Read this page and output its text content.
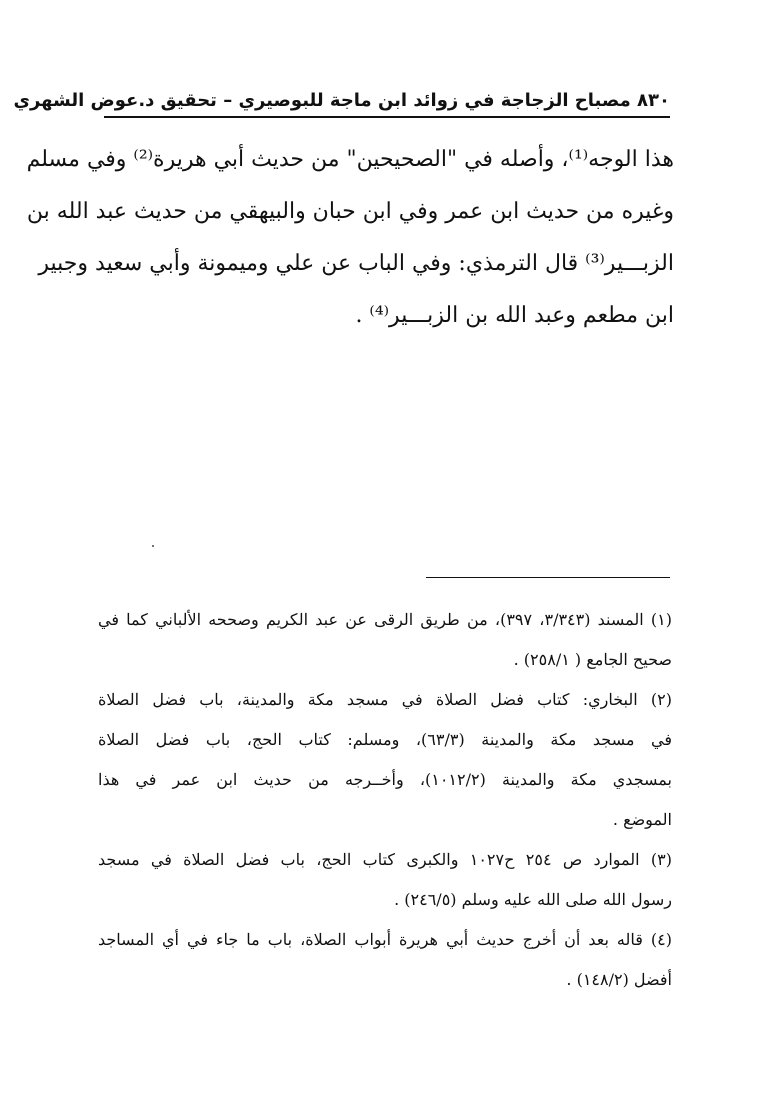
٨٣٠ مصباح الزجاجة في زوائد ابن ماجة للبوصيري – تحقيق د.عوض الشهري
هذا الوجه⁽¹⁾، وأصله في "الصحيحين" من حديث أبي هريرة⁽²⁾ وفي مسلم
وغيره من حديث ابن عمر وفي ابن حبان والبيهقي من حديث عبد الله بن
الزبـــير⁽³⁾ قال الترمذي: وفي الباب عن علي وميمونة وأبي سعيد وجبير
ابن مطعم وعبد الله بن الزبـــير⁽⁴⁾ .
(١) المسند (٣/٣٤٣، ٣٩٧)، من طريق الرقى عن عبد الكريم وصححه الألباني كما في
صحيح الجامع ( ٢٥٨/١) .
(٢) البخاري: كتاب فضل الصلاة في مسجد مكة والمدينة، باب فضل الصلاة
في مسجد مكة والمدينة (٦٣/٣)، ومسلم: كتاب الحج، باب فضل الصلاة
بمسجدي مكة والمدينة (١٠١٢/٢)، وأخــرجه من حديث ابن عمر في هذا
الموضع .
(٣) الموارد ص ٢٥٤ ح١٠٢٧ والكبرى كتاب الحج، باب فضل الصلاة في مسجد
رسول الله صلى الله عليه وسلم (٢٤٦/٥) .
(٤) قاله بعد أن أخرج حديث أبي هريرة أبواب الصلاة، باب ما جاء في أي المساجد
أفضل (١٤٨/٢) .
